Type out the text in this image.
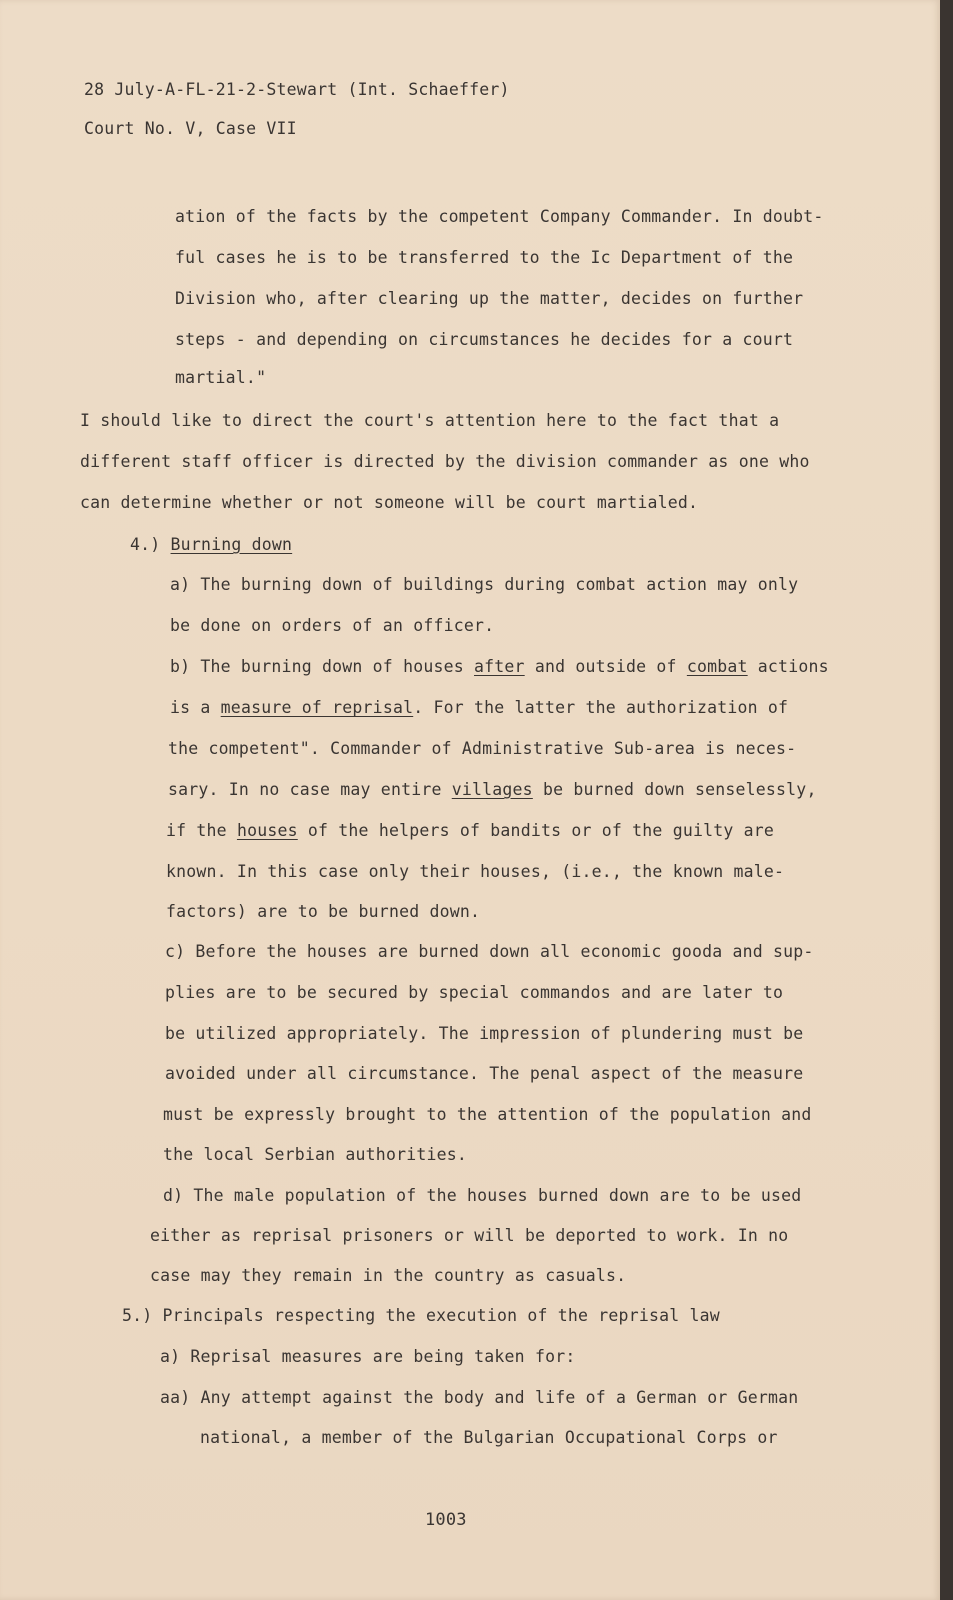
28 July-A-FL-21-2-Stewart (Int. Schaeffer)
Court No. V, Case VII
ation of the facts by the competent Company Commander. In doubt-
ful cases he is to be transferred to the Ic Department of the
Division who, after clearing up the matter, decides on further
steps - and depending on circumstances he decides for a court
martial."
I should like to direct the court's attention here to the fact that a
different staff officer is directed by the division commander as one who
can determine whether or not someone will be court martialed.
4.) Burning down
a) The burning down of buildings during combat action may only
be done on orders of an officer.
b) The burning down of houses after and outside of combat actions
is a measure of reprisal. For the latter the authorization of
the competent". Commander of Administrative Sub-area is neces-
sary. In no case may entire villages be burned down senselessly,
if the houses of the helpers of bandits or of the guilty are
known. In this case only their houses, (i.e., the known male-
factors) are to be burned down.
c) Before the houses are burned down all economic gooda and sup-
plies are to be secured by special commandos and are later to
be utilized appropriately. The impression of plundering must be
avoided under all circumstance. The penal aspect of the measure
must be expressly brought to the attention of the population and
the local Serbian authorities.
d) The male population of the houses burned down are to be used
either as reprisal prisoners or will be deported to work. In no
case may they remain in the country as casuals.
5.) Principals respecting the execution of the reprisal law
a) Reprisal measures are being taken for:
aa) Any attempt against the body and life of a German or German
national, a member of the Bulgarian Occupational Corps or
1003
